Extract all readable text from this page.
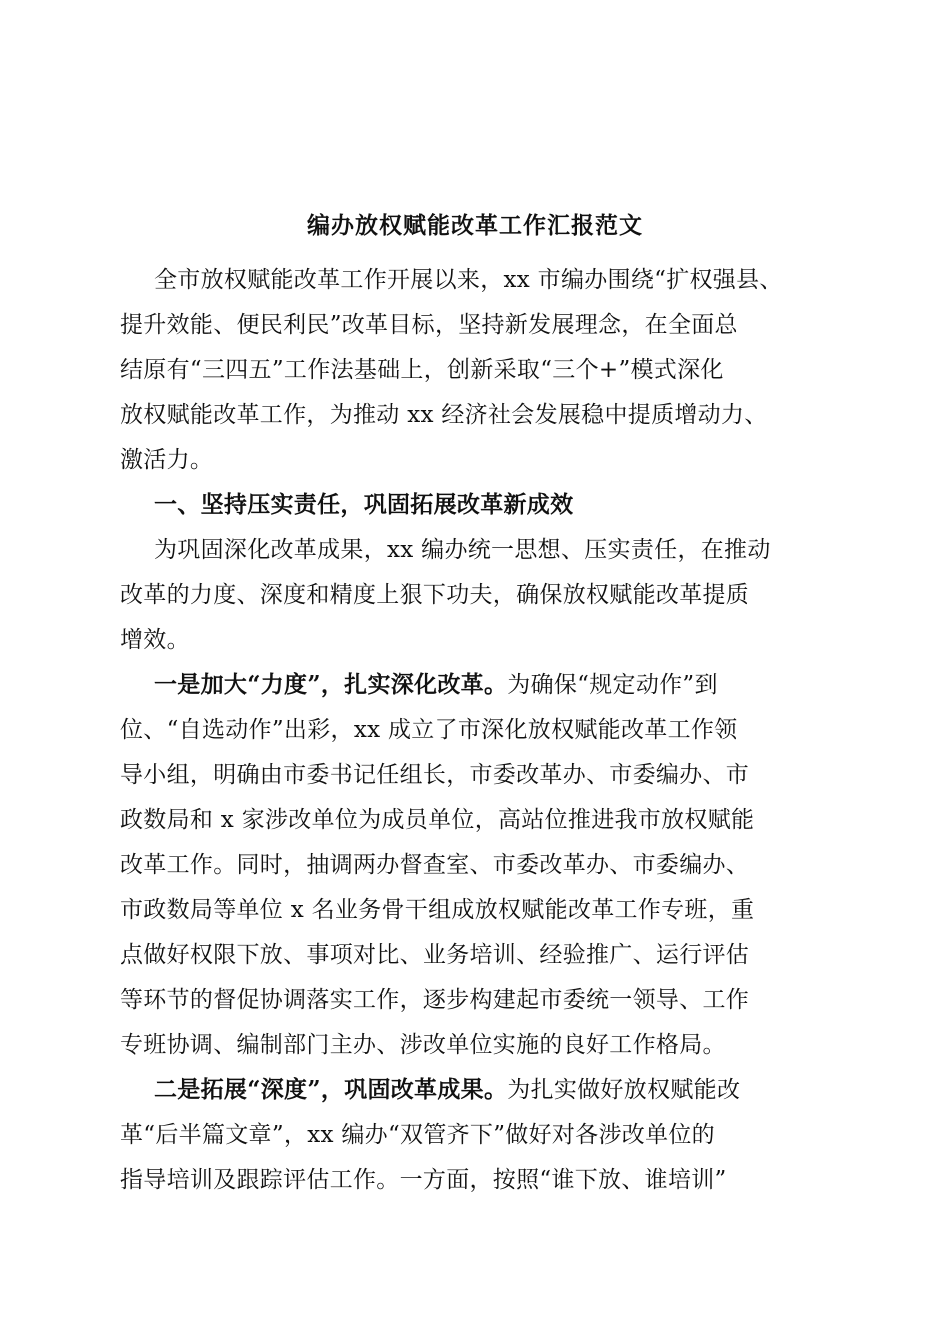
编办放权赋能改革工作汇报范文
全市放权赋能改革工作开展以来，xx 市编办围绕“扩权强县、
提升效能、便民利民”改革目标，坚持新发展理念，在全面总
结原有“三四五”工作法基础上，创新采取“三个+”模式深化
放权赋能改革工作，为推动 xx 经济社会发展稳中提质增动力、
激活力。
一、坚持压实责任，巩固拓展改革新成效
为巩固深化改革成果，xx 编办统一思想、压实责任，在推动
改革的力度、深度和精度上狠下功夫，确保放权赋能改革提质
增效。
一是加大“力度”，扎实深化改革。为确保“规定动作”到
位、“自选动作”出彩，xx 成立了市深化放权赋能改革工作领
导小组，明确由市委书记任组长，市委改革办、市委编办、市
政数局和 x 家涉改单位为成员单位，高站位推进我市放权赋能
改革工作。同时，抽调两办督查室、市委改革办、市委编办、
市政数局等单位 x 名业务骨干组成放权赋能改革工作专班，重
点做好权限下放、事项对比、业务培训、经验推广、运行评估
等环节的督促协调落实工作，逐步构建起市委统一领导、工作
专班协调、编制部门主办、涉改单位实施的良好工作格局。
二是拓展“深度”，巩固改革成果。为扎实做好放权赋能改
革“后半篇文章”，xx 编办“双管齐下”做好对各涉改单位的
指导培训及跟踪评估工作。一方面，按照“谁下放、谁培训”
